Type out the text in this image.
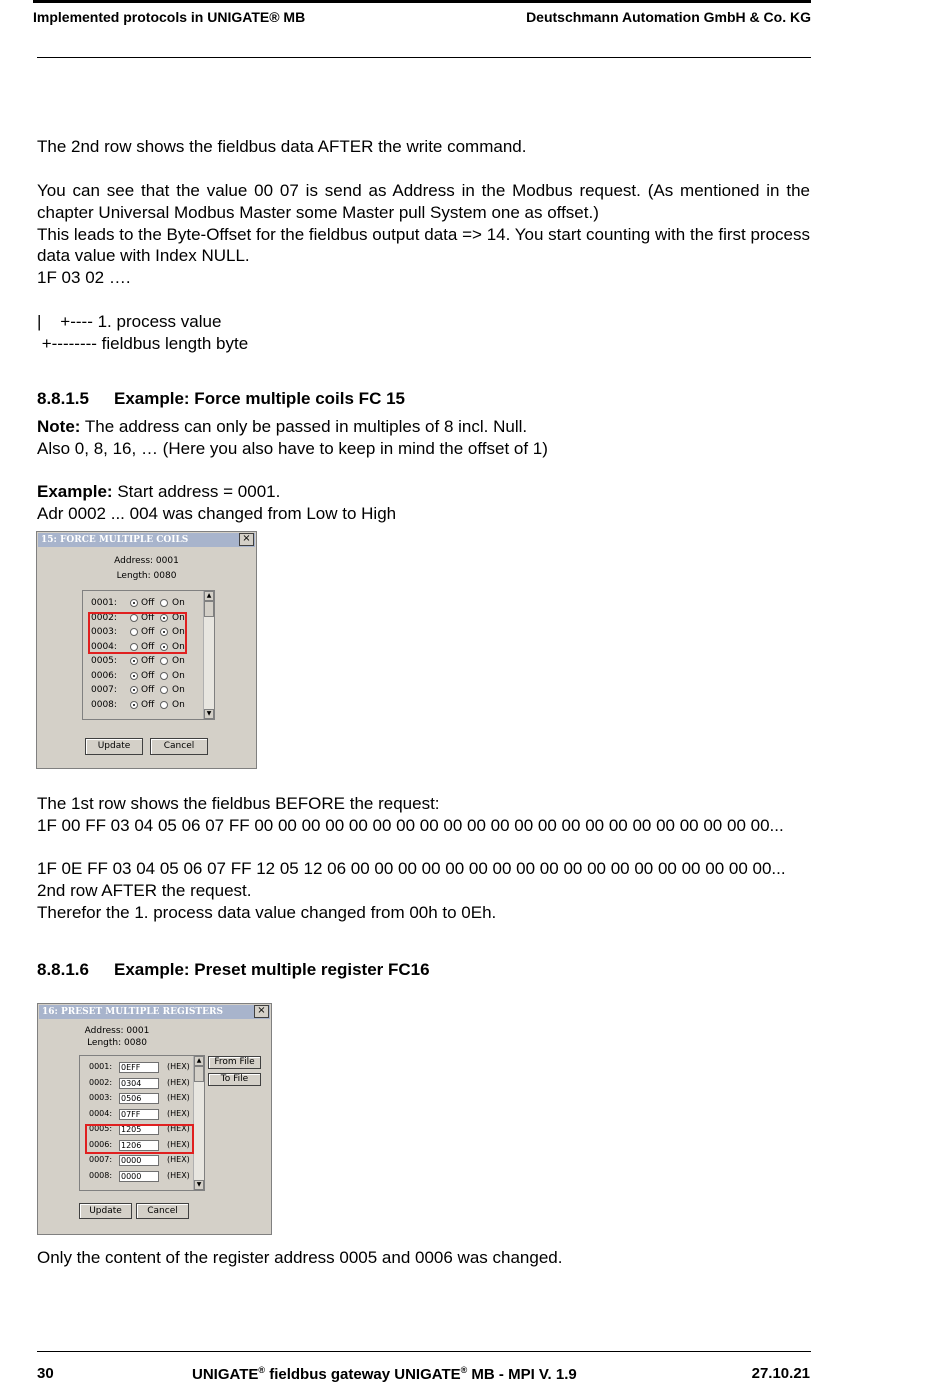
Implemented protocols in UNIGATE® MB	Deutschmann Automation GmbH & Co. KG

The 2nd row shows the fieldbus data AFTER the write command.

You can see that the value 00 07 is send as Address in the Modbus request. (As mentioned in the chapter Universal Modbus Master some Master pull System one as offset.)

This leads to the Byte-Offset for the fieldbus output data => 14. You start counting with the first process data value with Index NULL.

1F 03 02 ….

|    +---- 1. process value

+-------- fieldbus length byte

8.8.1.5 Example: Force multiple coils FC 15

Note: The address can only be passed in multiples of 8 incl. Null.

Also 0, 8, 16, … (Here you also have to keep in mind the offset of 1)

Example: Start address = 0001.

Adr 0002 ... 004 was changed from Low to High

15: FORCE MULTIPLE COILS	×
Address: 0001
Length: 0080
0001:	Off On
0002:	Off On
0003:	Off On
0004:	Off On
0005:	Off On
0006:	Off On
0007:	Off On
0008:	Off On
▲
▼
Update	Cancel

The 1st row shows the fieldbus BEFORE the request:

1F 00 FF 03 04 05 06 07 FF 00 00 00 00 00 00 00 00 00 00 00 00 00 00 00 00 00 00 00 00 00 00...

1F 0E FF 03 04 05 06 07 FF 12 05 12 06 00 00 00 00 00 00 00 00 00 00 00 00 00 00 00 00 00 00...

2nd row AFTER the request.

Therefor the 1. process data value changed from 00h to 0Eh.

8.8.1.6 Example: Preset multiple register FC16
16: PRESET MULTIPLE REGISTERS	×
Address: 0001
Length: 0080
0001: 0EFF	(HEX)
0002: 0304	(HEX)
0003: 0506	(HEX)
0004: 07FF	(HEX)
0005: 1205	(HEX)
0006: 1206	(HEX)
0007: 0000	(HEX)
0008: 0000	(HEX)
▲
▼
From File
To File
Update	Cancel

Only the content of the register address 0005 and 0006 was changed.

30	UNIGATE® fieldbus gateway UNIGATE® MB - MPI V. 1.9	27.10.21
